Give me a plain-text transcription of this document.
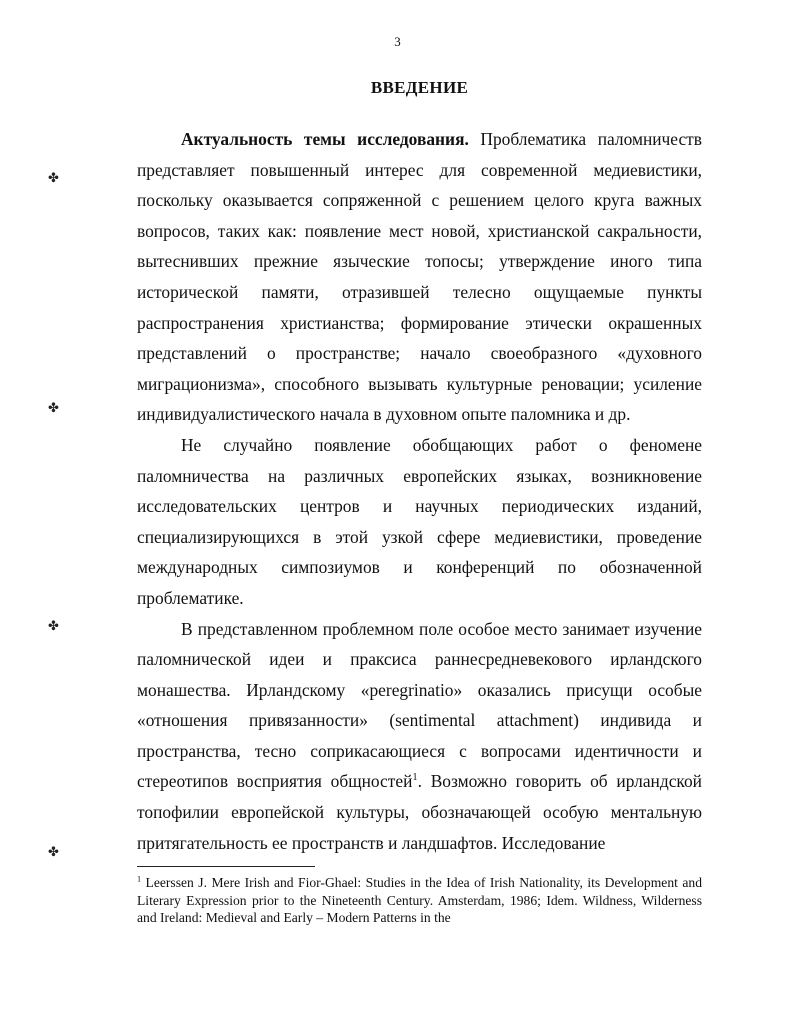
3
ВВЕДЕНИЕ

Актуальность темы исследования. Проблематика паломничеств представляет повышенный интерес для современной медиевистики, поскольку оказывается сопряженной с решением целого круга важных вопросов, таких как: появление мест новой, христианской сакральности, вытеснивших прежние языческие топосы; утверждение иного типа исторической памяти, отразившей телесно ощущаемые пункты распространения христианства; формирование этически окрашенных представлений о пространстве; начало своеобразного «духовного миграционизма», способного вызывать культурные реновации; усиление индивидуалистического начала в духовном опыте паломника и др.

Не случайно появление обобщающих работ о феномене паломничества на различных европейских языках, возникновение исследовательских центров и научных периодических изданий, специализирующихся в этой узкой сфере медиевистики, проведение международных симпозиумов и конференций по обозначенной проблематике.

В представленном проблемном поле особое место занимает изучение паломнической идеи и праксиса раннесредневекового ирландского монашества. Ирландскому «peregrinatio» оказались присущи особые «отношения привязанности» (sentimental attachment) индивида и пространства, тесно соприкасающиеся с вопросами идентичности и стереотипов восприятия общностей$^1$. Возможно говорить об ирландской топофилии европейской культуры, обозначающей особую ментальную притягательность ее пространств и ландшафтов. Исследование

$^1$ Leerssen J. Mere Irish and Fior-Ghael: Studies in the Idea of Irish Nationality, its Development and Literary Expression prior to the Nineteenth Century. Amsterdam, 1986; Idem. Wildness, Wilderness and Ireland: Medieval and Early – Modern Patterns in the

✤
✤
✤
✤
